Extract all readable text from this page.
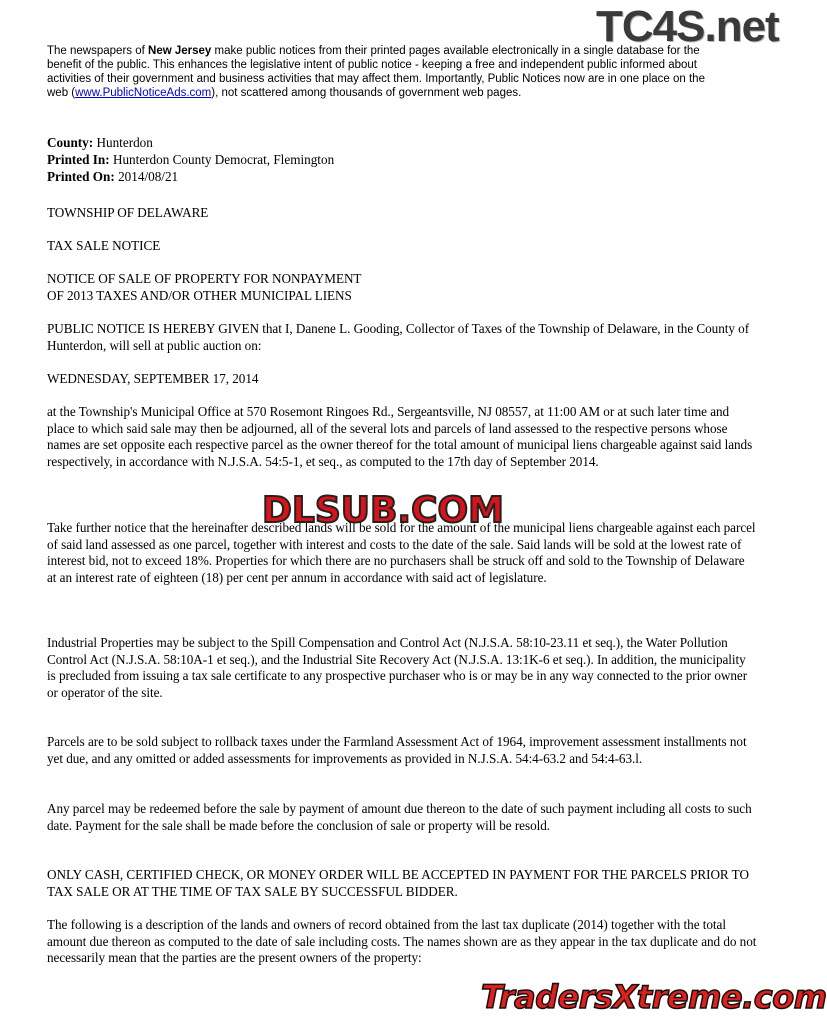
TC4S.net

The newspapers of New Jersey make public notices from their printed pages available electronically in a single database for the benefit of the public. This enhances the legislative intent of public notice - keeping a free and independent public informed about activities of their government and business activities that may affect them. Importantly, Public Notices now are in one place on the web (www.PublicNoticeAds.com), not scattered among thousands of government web pages.

County: Hunterdon
Printed In: Hunterdon County Democrat, Flemington
Printed On: 2014/08/21

TOWNSHIP OF DELAWARE

TAX SALE NOTICE

NOTICE OF SALE OF PROPERTY FOR NONPAYMENT

OF 2013 TAXES AND/OR OTHER MUNICIPAL LIENS

PUBLIC NOTICE IS HEREBY GIVEN that I, Danene L. Gooding, Collector of Taxes of the Township of Delaware, in the County of Hunterdon, will sell at public auction on:

WEDNESDAY, SEPTEMBER 17, 2014

at the Township's Municipal Office at 570 Rosemont Ringoes Rd., Sergeantsville, NJ 08557, at 11:00 AM or at such later time and place to which said sale may then be adjourned, all of the several lots and parcels of land assessed to the respective persons whose names are set opposite each respective parcel as the owner thereof for the total amount of municipal liens chargeable against said lands respectively, in accordance with N.J.S.A. 54:5-1, et seq., as computed to the 17th day of September 2014.

Take further notice that the hereinafter described lands will be sold for the amount of the municipal liens chargeable against each parcel of said land assessed as one parcel, together with interest and costs to the date of the sale. Said lands will be sold at the lowest rate of interest bid, not to exceed 18%. Properties for which there are no purchasers shall be struck off and sold to the Township of Delaware at an interest rate of eighteen (18) per cent per annum in accordance with said act of legislature.

Industrial Properties may be subject to the Spill Compensation and Control Act (N.J.S.A. 58:10-23.11 et seq.), the Water Pollution Control Act (N.J.S.A. 58:10A-1 et seq.), and the Industrial Site Recovery Act (N.J.S.A. 13:1K-6 et seq.). In addition, the municipality is precluded from issuing a tax sale certificate to any prospective purchaser who is or may be in any way connected to the prior owner or operator of the site.

Parcels are to be sold subject to rollback taxes under the Farmland Assessment Act of 1964, improvement assessment installments not yet due, and any omitted or added assessments for improvements as provided in N.J.S.A. 54:4-63.2 and 54:4-63.l.

Any parcel may be redeemed before the sale by payment of amount due thereon to the date of such payment including all costs to such date. Payment for the sale shall be made before the conclusion of sale or property will be resold.

ONLY CASH, CERTIFIED CHECK, OR MONEY ORDER WILL BE ACCEPTED IN PAYMENT FOR THE PARCELS PRIOR TO TAX SALE OR AT THE TIME OF TAX SALE BY SUCCESSFUL BIDDER.

The following is a description of the lands and owners of record obtained from the last tax duplicate (2014) together with the total amount due thereon as computed to the date of sale including costs. The names shown are as they appear in the tax duplicate and do not necessarily mean that the parties are the present owners of the property:

DLSUB.COM
TradersXtreme.com
